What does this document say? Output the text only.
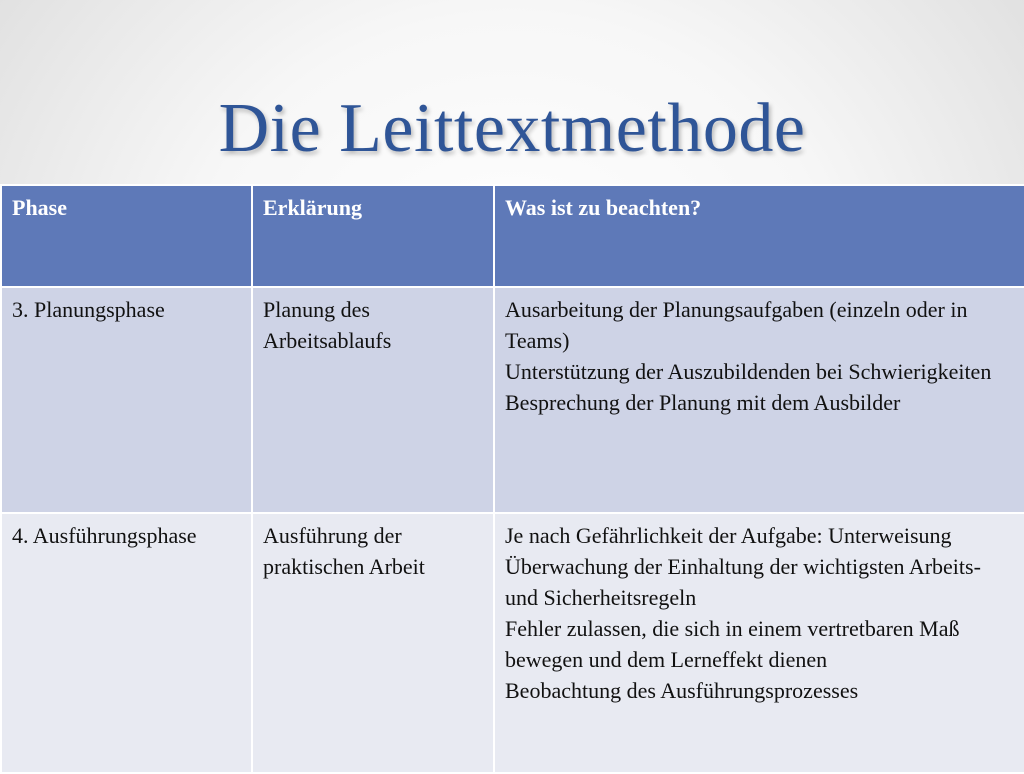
Die Leittextmethode
Phase	Erklärung	Was ist zu beachten?
3. Planungsphase	Planung des Arbeitsablaufs	Ausarbeitung der Planungsaufgaben (einzeln oder in Teams)
Unterstützung der Auszubildenden bei Schwierigkeiten
Besprechung der Planung mit dem Ausbilder

4. Ausführungsphase	Ausführung der praktischen Arbeit	Je nach Gefährlichkeit der Aufgabe: Unterweisung
Überwachung der Einhaltung der wichtigsten Arbeits- und Sicherheitsregeln
Fehler zulassen, die sich in einem vertretbaren Maß bewegen und dem Lerneffekt dienen
Beobachtung des Ausführungsprozesses
